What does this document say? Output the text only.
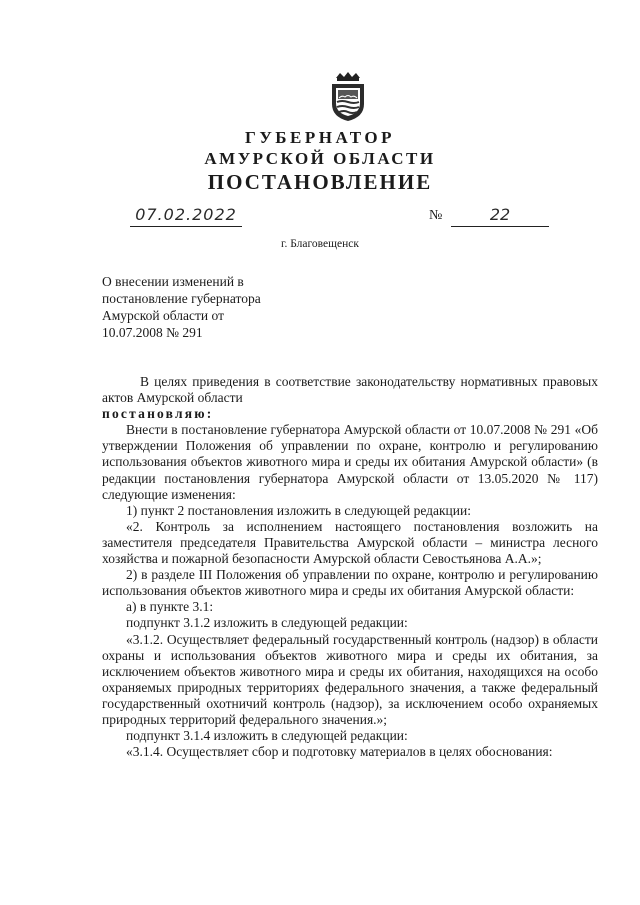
ГУБЕРНАТОР
АМУРСКОЙ ОБЛАСТИ
ПОСТАНОВЛЕНИЕ
07.02.2022	№	22
г. Благовещенск
О внесении изменений в
постановление губернатора
Амурской области от
10.07.2008 № 291

В целях приведения в соответствие законодательству нормативных правовых актов Амурской области

постановляю:

Внести в постановление губернатора Амурской области от 10.07.2008 № 291 «Об утверждении Положения об управлении по охране, контролю и регулированию использования объектов животного мира и среды их обитания Амурской области» (в редакции постановления губернатора Амурской области от 13.05.2020 № 117) следующие изменения:

1) пункт 2 постановления изложить в следующей редакции:

«2. Контроль за исполнением настоящего постановления возложить на заместителя председателя Правительства Амурской области – министра лесного хозяйства и пожарной безопасности Амурской области Севостьянова А.А.»;

2) в разделе III Положения об управлении по охране, контролю и регулированию использования объектов животного мира и среды их обитания Амурской области:

а) в пункте 3.1:

подпункт 3.1.2 изложить в следующей редакции:

«3.1.2. Осуществляет федеральный государственный контроль (надзор) в области охраны и использования объектов животного мира и среды их обитания, за исключением объектов животного мира и среды их обитания, находящихся на особо охраняемых природных территориях федерального значения, а также федеральный государственный охотничий контроль (надзор), за исключением особо охраняемых природных территорий федерального значения.»;

подпункт 3.1.4 изложить в следующей редакции:

«3.1.4. Осуществляет сбор и подготовку материалов в целях обоснования:
